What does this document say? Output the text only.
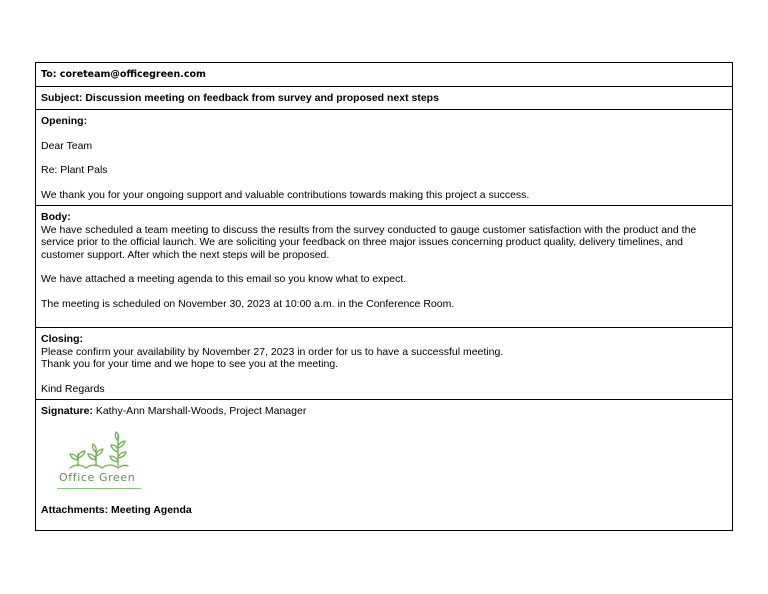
To: coreteam@officegreen.com
Subject: Discussion meeting on feedback from survey and proposed next steps

Opening:

Dear Team

Re: Plant Pals

We thank you for your ongoing support and valuable contributions towards making this project a success.

Body:

We have scheduled a team meeting to discuss the results from the survey conducted to gauge customer satisfaction with the product and the service prior to the official launch. We are soliciting your feedback on three major issues concerning product quality, delivery timelines, and customer support. After which the next steps will be proposed.

We have attached a meeting agenda to this email so you know what to expect.

The meeting is scheduled on November 30, 2023 at 10:00 a.m. in the Conference Room.

Closing:

Please confirm your availability by November 27, 2023 in order for us to have a successful meeting.

Thank you for your time and we hope to see you at the meeting.

Kind Regards

Signature: Kathy-Ann Marshall-Woods, Project Manager
Office Green
Attachments: Meeting Agenda
